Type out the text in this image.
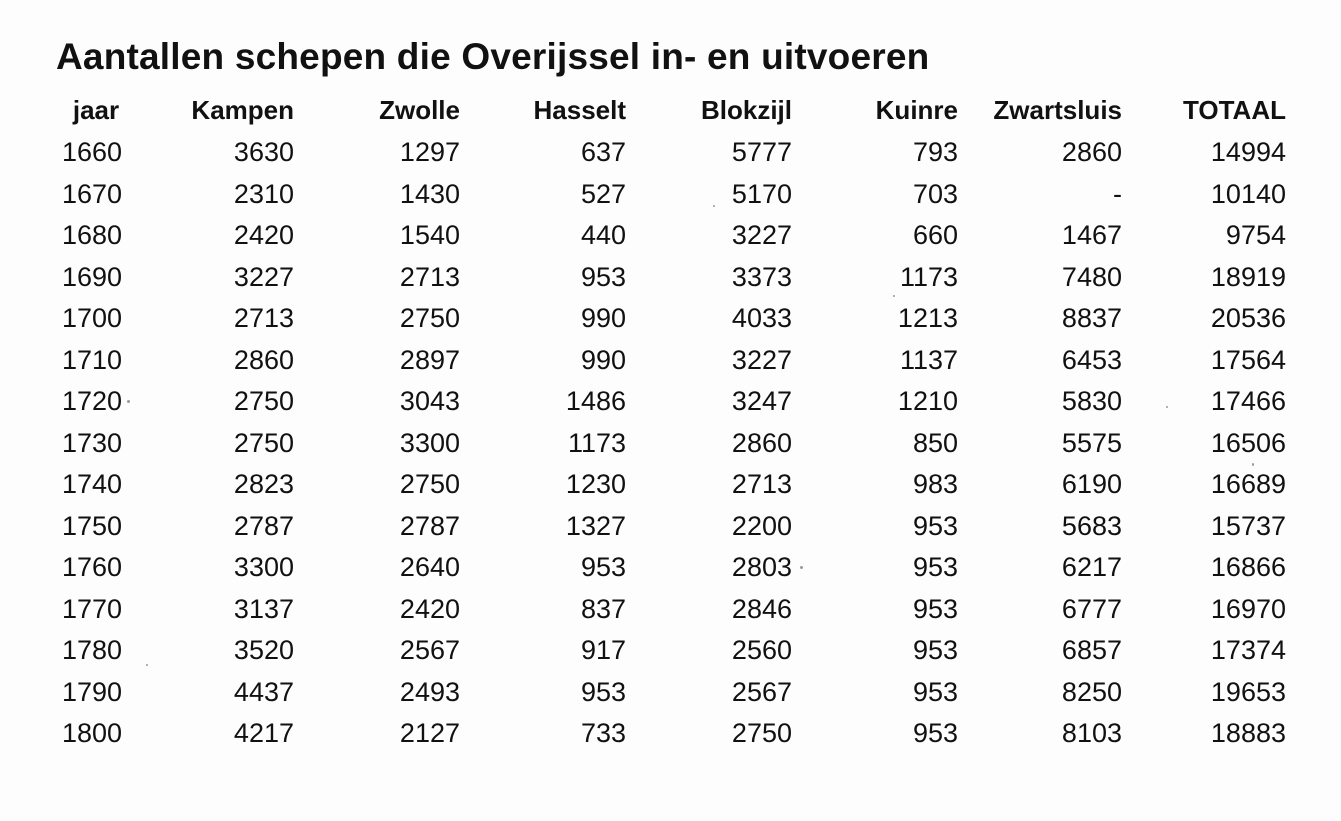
Aantallen schepen die Overijssel in- en uitvoeren
jaar	Kampen	Zwolle	Hasselt	Blokzijl	Kuinre	Zwartsluis	TOTAAL
1660	3630	1297	637	5777	793	2860	14994
1670	2310	1430	527	5170	703	-	10140
1680	2420	1540	440	3227	660	1467	9754
1690	3227	2713	953	3373	1173	7480	18919
1700	2713	2750	990	4033	1213	8837	20536
1710	2860	2897	990	3227	1137	6453	17564
1720	2750	3043	1486	3247	1210	5830	17466
1730	2750	3300	1173	2860	850	5575	16506
1740	2823	2750	1230	2713	983	6190	16689
1750	2787	2787	1327	2200	953	5683	15737
1760	3300	2640	953	2803	953	6217	16866
1770	3137	2420	837	2846	953	6777	16970
1780	3520	2567	917	2560	953	6857	17374
1790	4437	2493	953	2567	953	8250	19653
1800	4217	2127	733	2750	953	8103	18883
